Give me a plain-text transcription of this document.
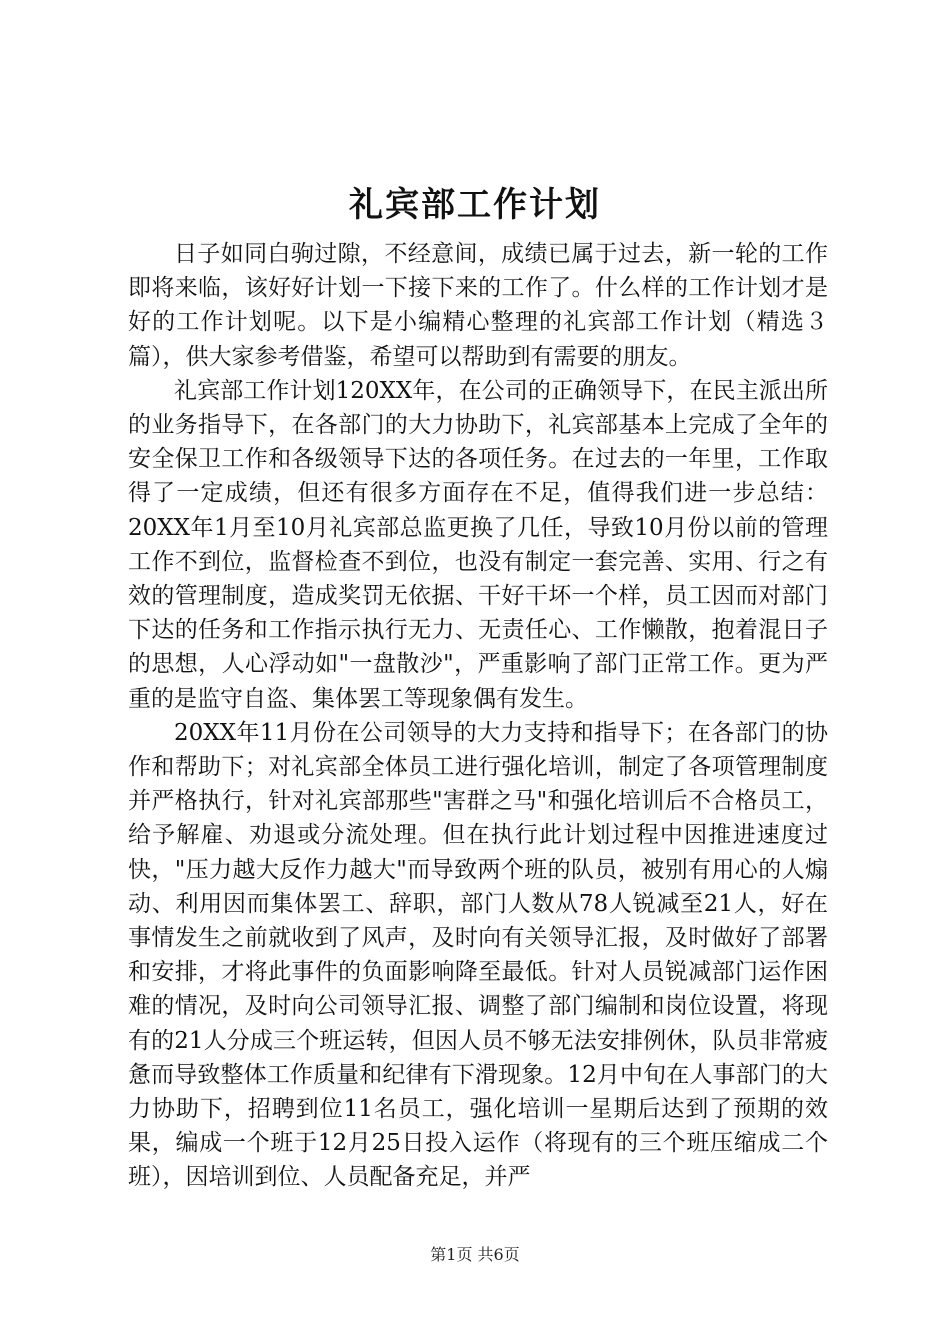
礼宾部工作计划

日子如同白驹过隙，不经意间，成绩已属于过去，新一轮的工作即将来临，该好好计划一下接下来的工作了。什么样的工作计划才是好的工作计划呢。以下是小编精心整理的礼宾部工作计划（精选３篇），供大家参考借鉴，希望可以帮助到有需要的朋友。

礼宾部工作计划120XX年，在公司的正确领导下，在民主派出所的业务指导下，在各部门的大力协助下，礼宾部基本上完成了全年的安全保卫工作和各级领导下达的各项任务。在过去的一年里，工作取得了一定成绩，但还有很多方面存在不足，值得我们进一步总结：20XX年1月至10月礼宾部总监更换了几任，导致10月份以前的管理工作不到位，监督检查不到位，也没有制定一套完善、实用、行之有效的管理制度，造成奖罚无依据、干好干坏一个样，员工因而对部门下达的任务和工作指示执行无力、无责任心、工作懒散，抱着混日子的思想，人心浮动如"一盘散沙"，严重影响了部门正常工作。更为严重的是监守自盗、集体罢工等现象偶有发生。

20XX年11月份在公司领导的大力支持和指导下；在各部门的协作和帮助下；对礼宾部全体员工进行强化培训，制定了各项管理制度并严格执行，针对礼宾部那些"害群之马"和强化培训后不合格员工，给予解雇、劝退或分流处理。但在执行此计划过程中因推进速度过快，"压力越大反作力越大"而导致两个班的队员，被别有用心的人煽动、利用因而集体罢工、辞职，部门人数从78人锐减至21人，好在事情发生之前就收到了风声，及时向有关领导汇报，及时做好了部署和安排，才将此事件的负面影响降至最低。针对人员锐减部门运作困难的情况，及时向公司领导汇报、调整了部门编制和岗位设置，将现有的21人分成三个班运转，但因人员不够无法安排例休，队员非常疲惫而导致整体工作质量和纪律有下滑现象。12月中旬在人事部门的大力协助下，招聘到位11名员工，强化培训一星期后达到了预期的效果，编成一个班于12月25日投入运作（将现有的三个班压缩成二个班），因培训到位、人员配备充足，并严

第1页 共6页
